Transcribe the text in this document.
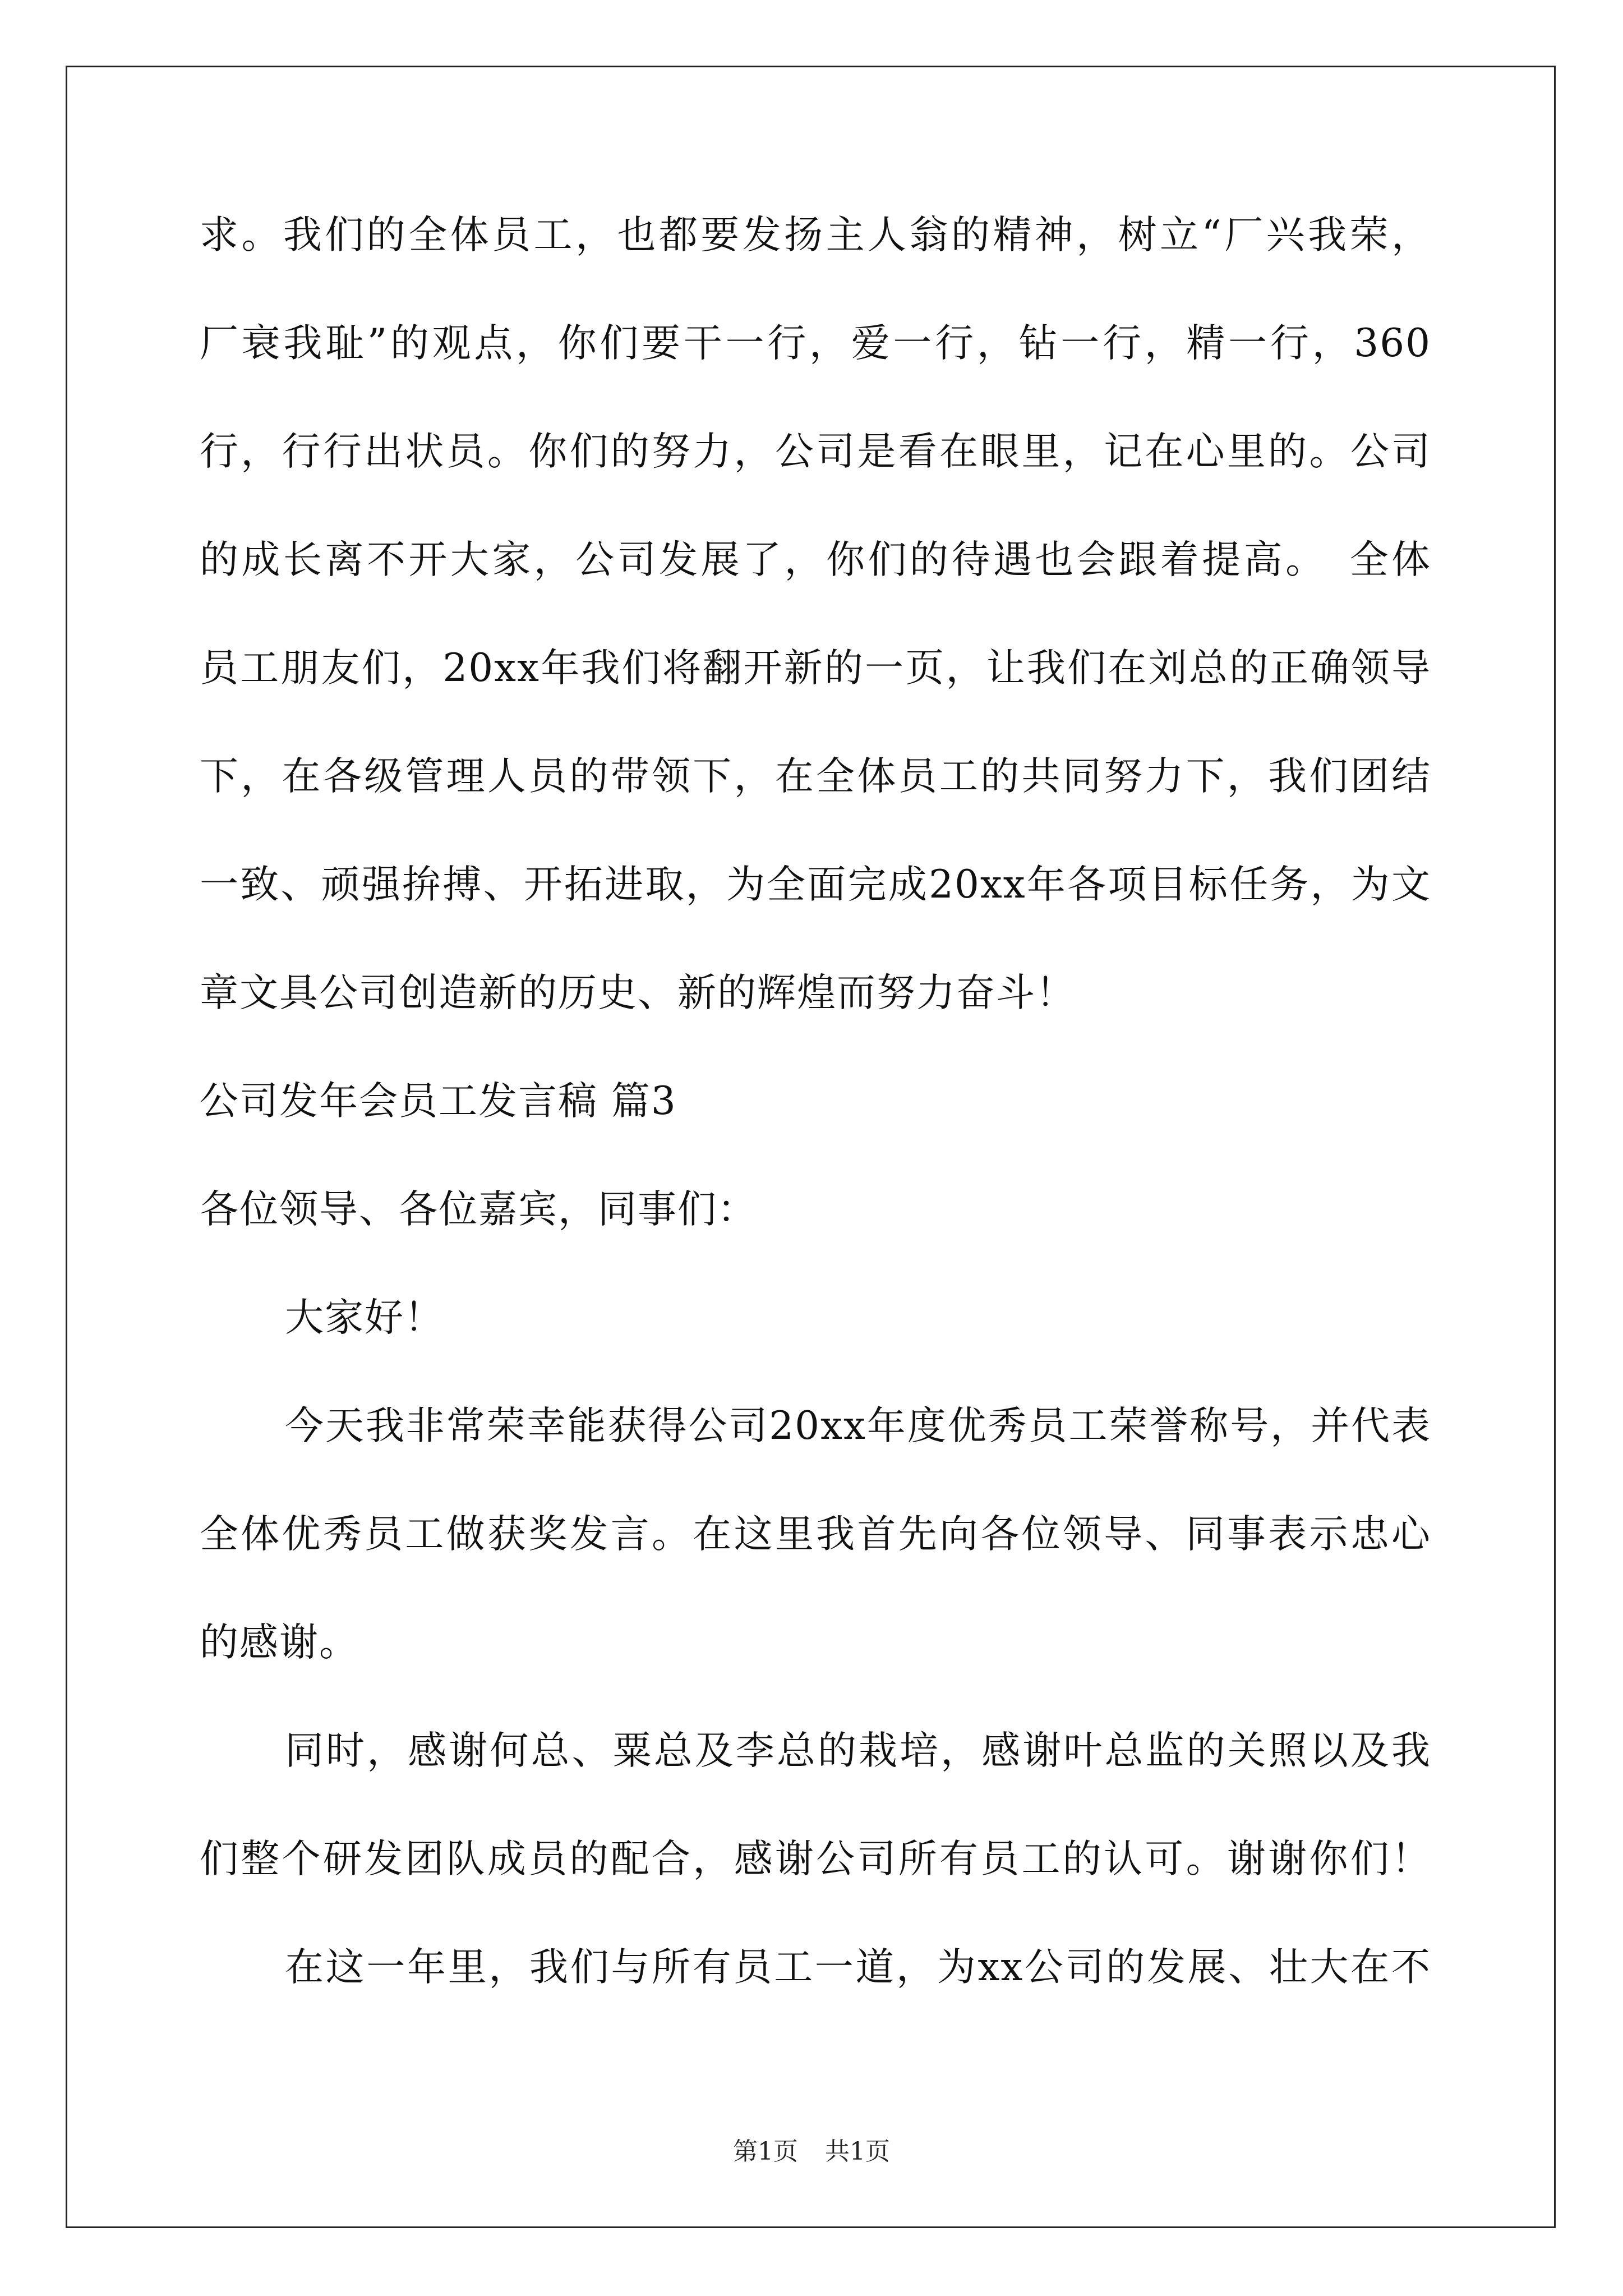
求。我们的全体员工，也都要发扬主人翁的精神，树立“厂兴我荣，
厂衰我耻”的观点，你们要干一行，爱一行，钻一行，精一行，360
行，行行出状员。你们的努力，公司是看在眼里，记在心里的。公司
的成长离不开大家，公司发展了，你们的待遇也会跟着提高。　全体
员工朋友们，20xx年我们将翻开新的一页，让我们在刘总的正确领导
下，在各级管理人员的带领下，在全体员工的共同努力下，我们团结
一致、顽强拚搏、开拓进取，为全面完成20xx年各项目标任务，为文
章文具公司创造新的历史、新的辉煌而努力奋斗！
公司发年会员工发言稿 篇3
各位领导、各位嘉宾，同事们：
大家好！
今天我非常荣幸能获得公司20xx年度优秀员工荣誉称号，并代表
全体优秀员工做获奖发言。在这里我首先向各位领导、同事表示忠心
的感谢。
同时，感谢何总、粟总及李总的栽培，感谢叶总监的关照以及我
们整个研发团队成员的配合，感谢公司所有员工的认可。谢谢你们！
在这一年里，我们与所有员工一道，为xx公司的发展、壮大在不
第1页 共1页
